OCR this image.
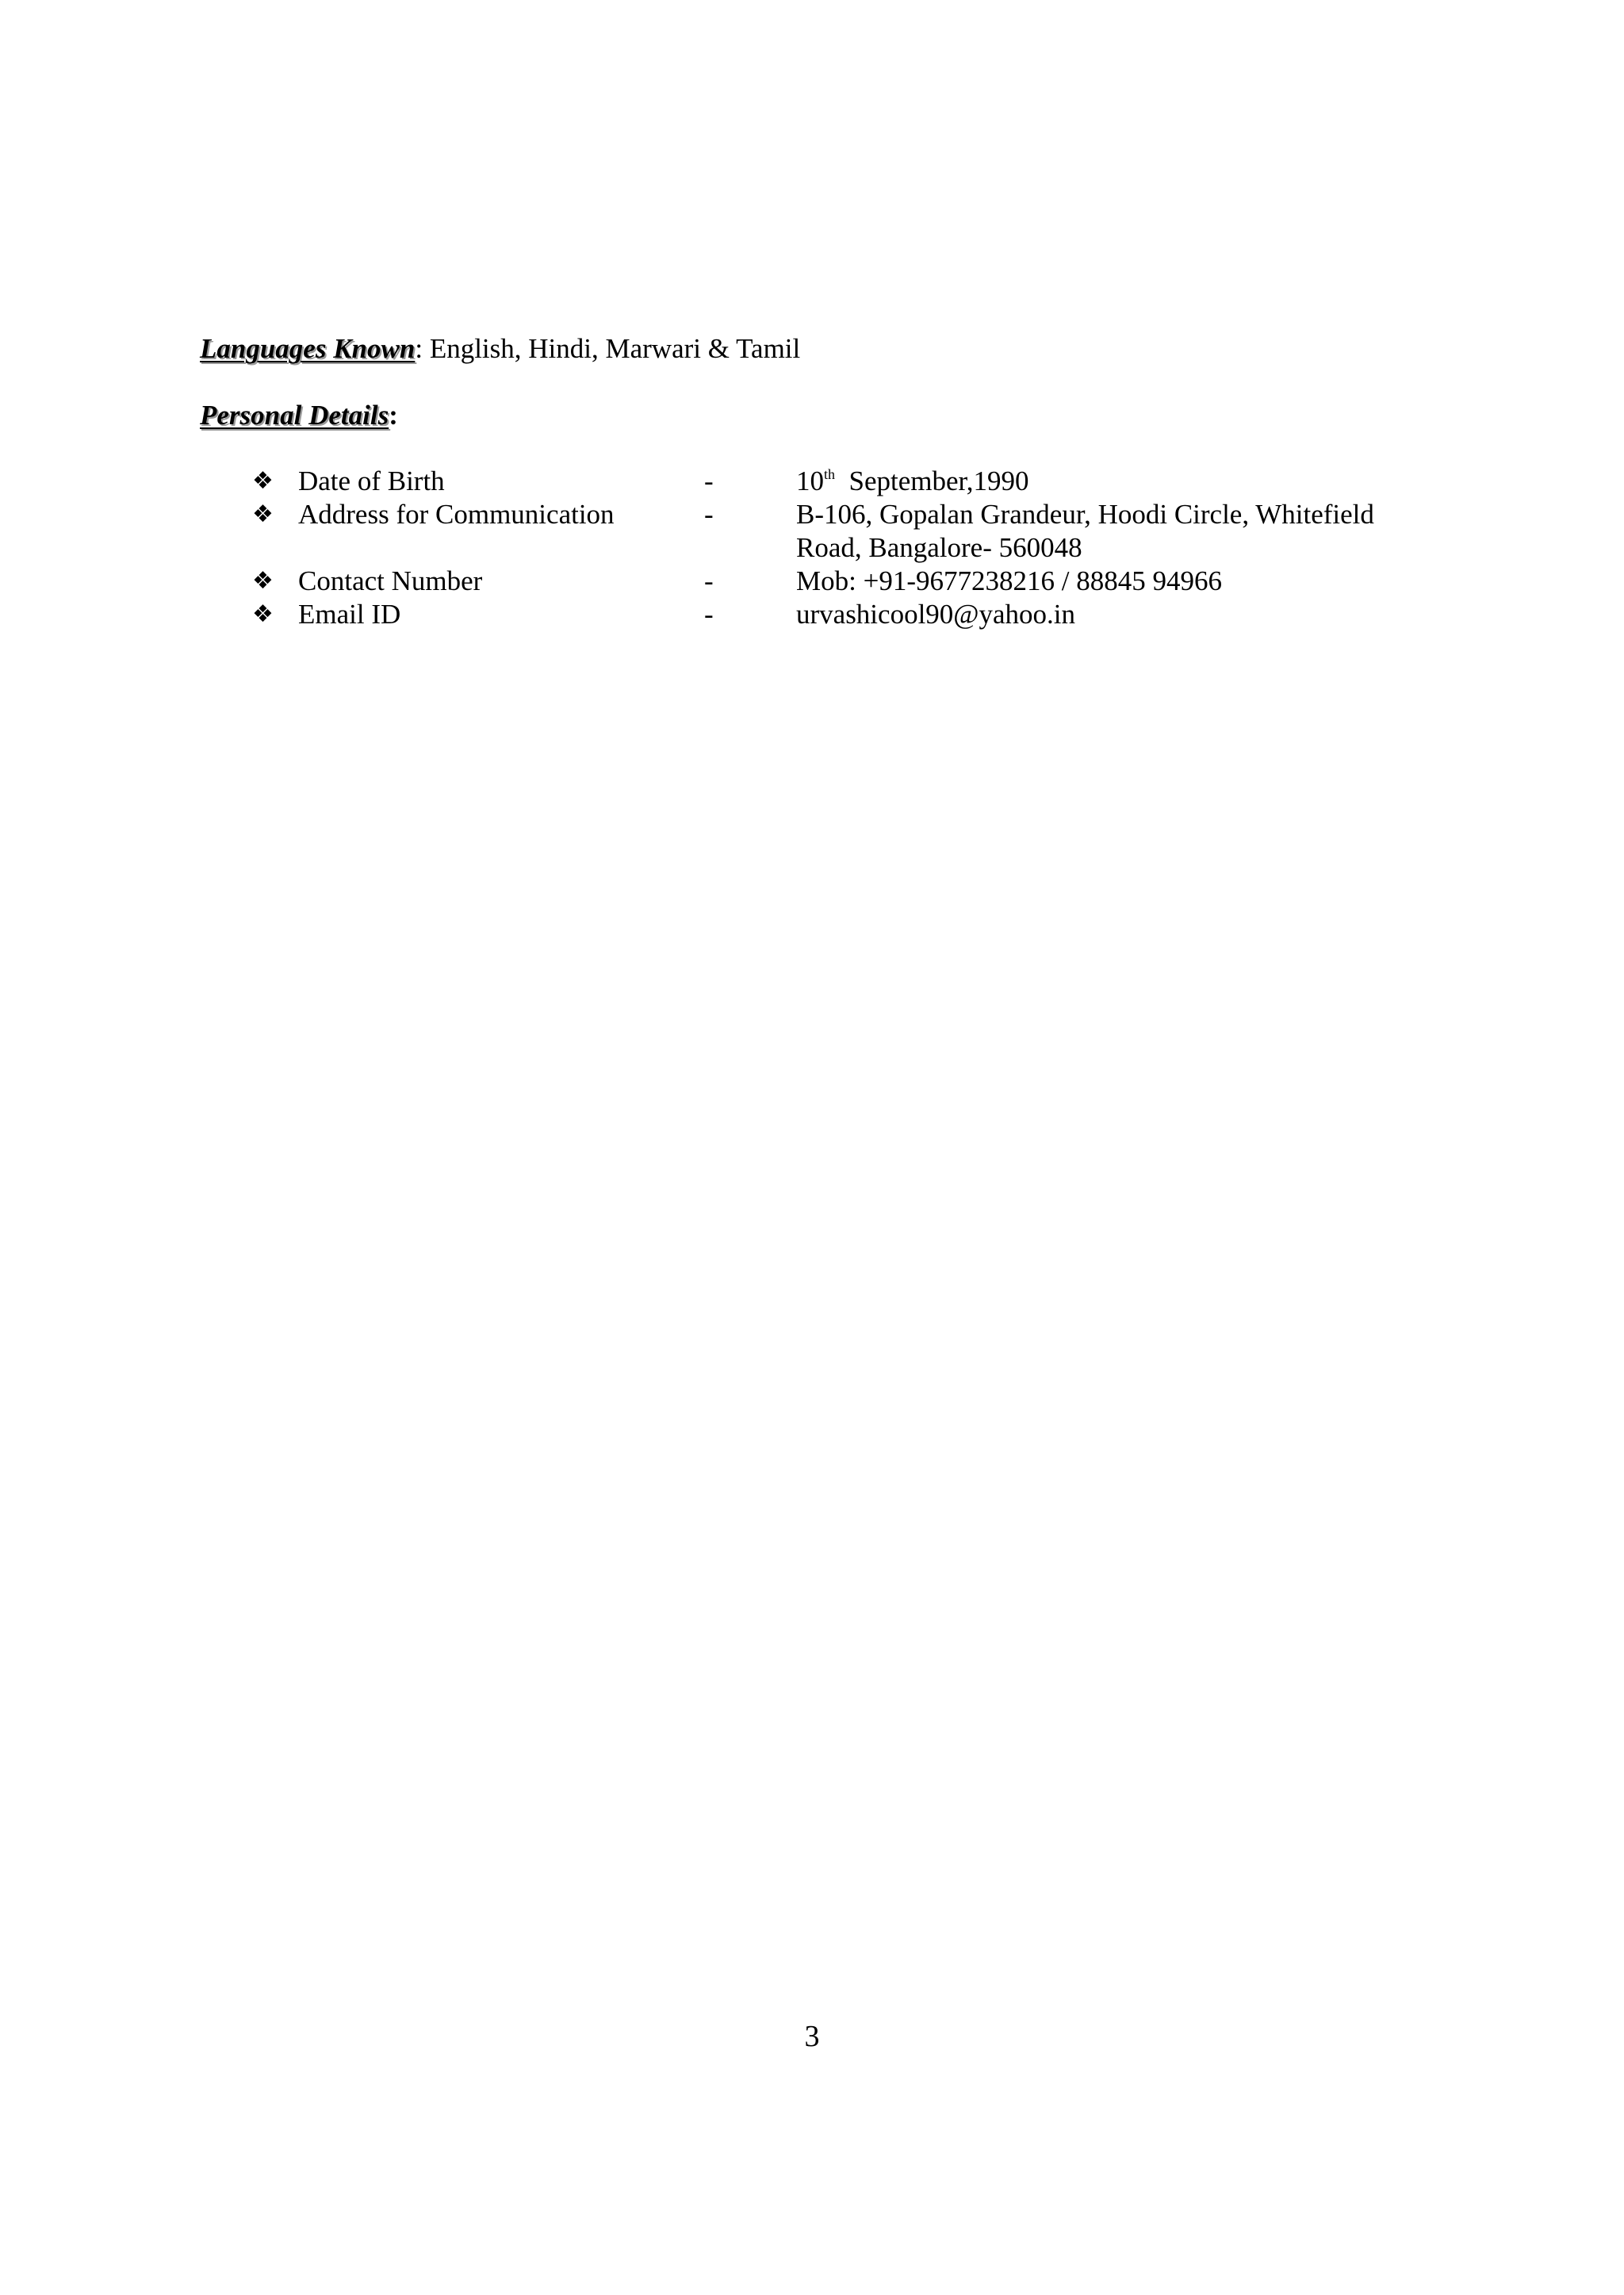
Languages Known: English, Hindi, Marwari & Tamil
Personal Details:
❖ Date of Birth	-	10th  September,1990
❖ Address for Communication	-	B-106, Gopalan Grandeur, Hoodi Circle, Whitefield Road, Bangalore- 560048
❖ Contact Number	-	Mob: +91-9677238216 / 88845 94966
❖ Email ID	-	urvashicool90@yahoo.in
3
